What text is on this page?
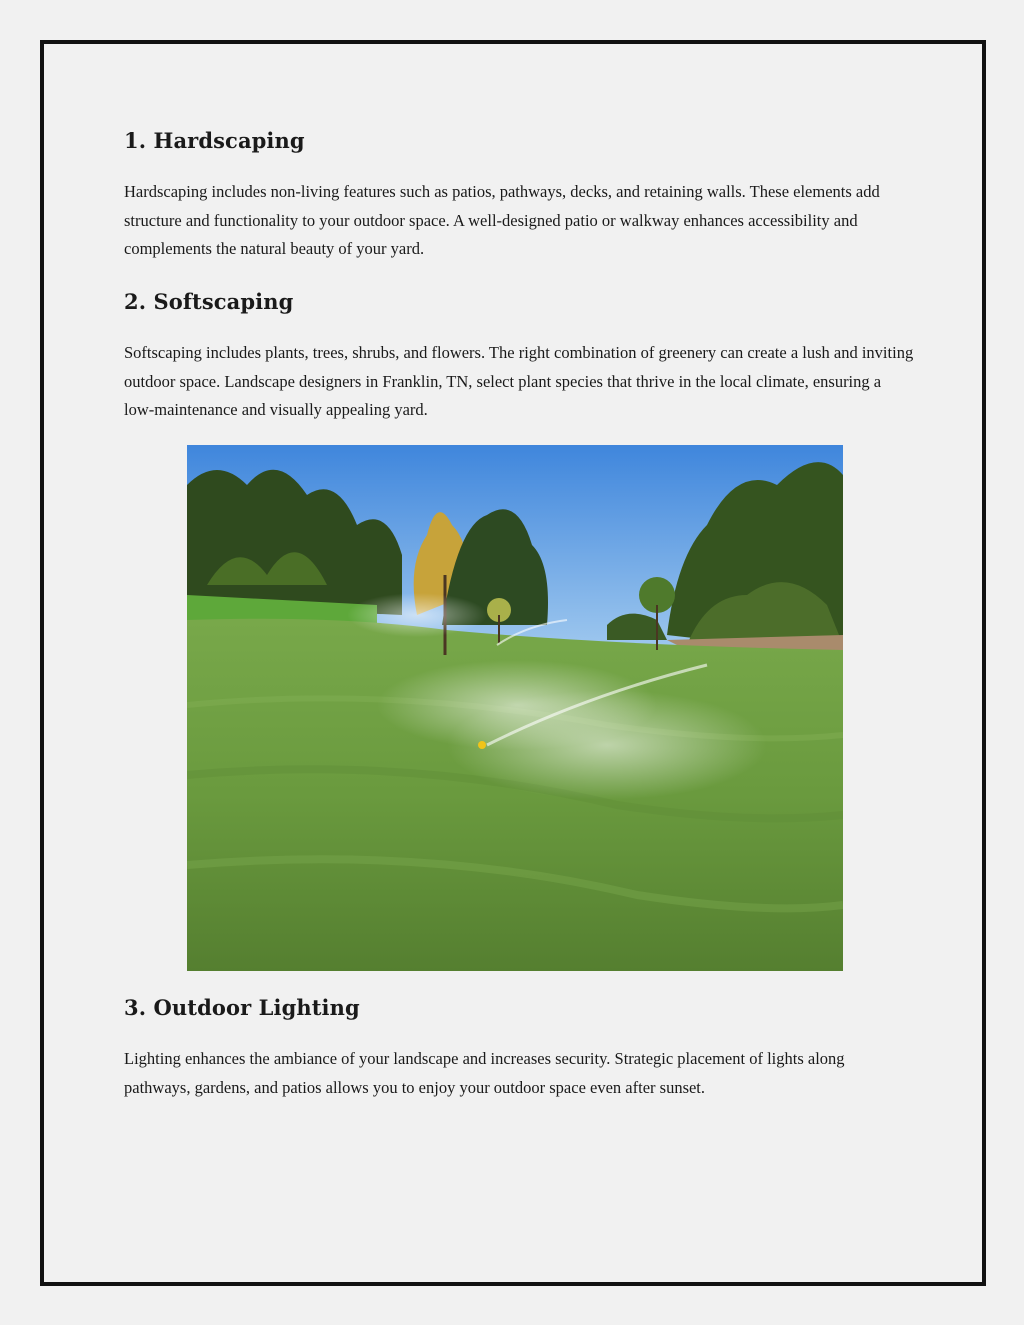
1. Hardscaping

Hardscaping includes non-living features such as patios, pathways, decks, and retaining walls. These elements add structure and functionality to your outdoor space. A well-designed patio or walkway enhances accessibility and complements the natural beauty of your yard.

2. Softscaping

Softscaping includes plants, trees, shrubs, and flowers. The right combination of greenery can create a lush and inviting outdoor space. Landscape designers in Franklin, TN, select plant species that thrive in the local climate, ensuring a low-maintenance and visually appealing yard.

3. Outdoor Lighting

Lighting enhances the ambiance of your landscape and increases security. Strategic placement of lights along pathways, gardens, and patios allows you to enjoy your outdoor space even after sunset.
